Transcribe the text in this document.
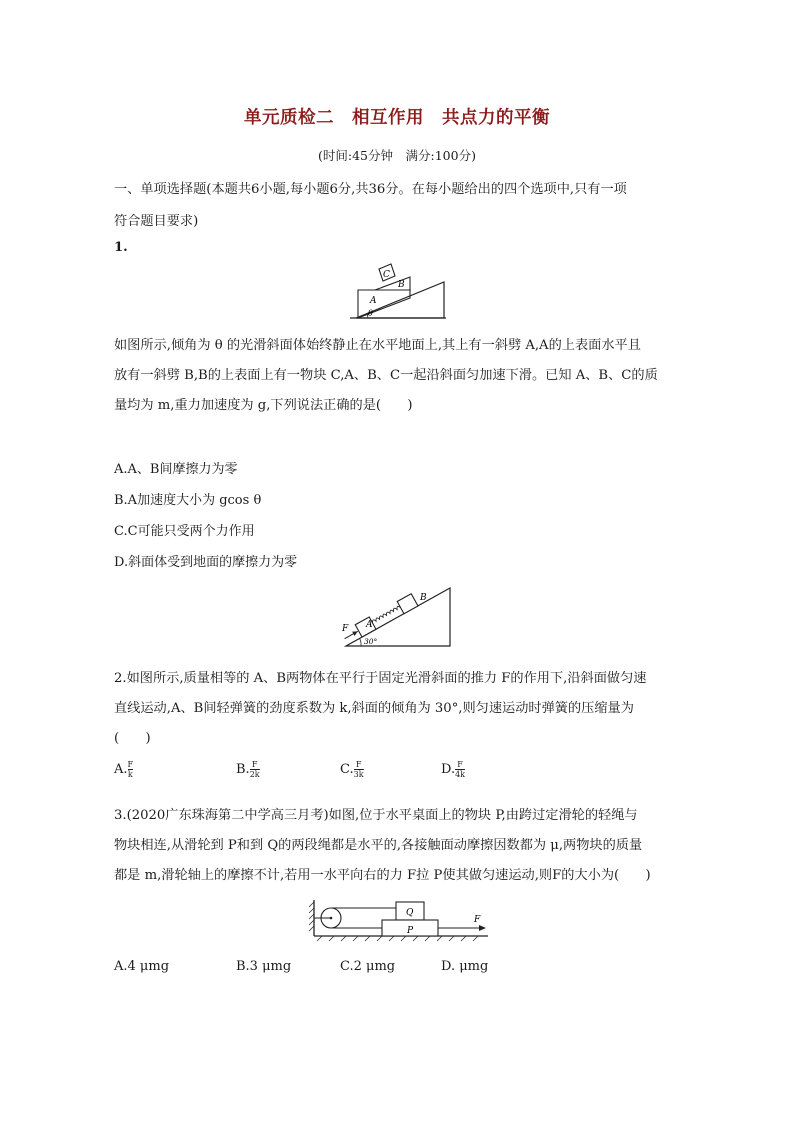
单元质检二　相互作用　共点力的平衡
(时间:45分钟　满分:100分)
一、单项选择题(本题共6小题,每小题6分,共36分。在每小题给出的四个选项中,只有一项
符合题目要求)
1.
C
B
A
θ
如图所示,倾角为 θ 的光滑斜面体始终静止在水平地面上,其上有一斜劈 A,A的上表面水平且
放有一斜劈 B,B的上表面上有一物块 C,A、B、C一起沿斜面匀加速下滑。已知 A、B、C的质
量均为 m,重力加速度为 g,下列说法正确的是(　　)
A.A、B间摩擦力为零
B.A加速度大小为 gcos θ
C.C可能只受两个力作用
D.斜面体受到地面的摩擦力为零
F A
B
30°
2.如图所示,质量相等的 A、B两物体在平行于固定光滑斜面的推力 F的作用下,沿斜面做匀速
直线运动,A、B间轻弹簧的劲度系数为 k,斜面的倾角为 30°,则匀速运动时弹簧的压缩量为
(　　)
A. $\frac{F}{k}$	B. $\frac{F}{2k}$	C. $\frac{F}{3k}$	D. $\frac{F}{4k}$
3.(2020广东珠海第二中学高三月考)如图,位于水平桌面上的物块 P,由跨过定滑轮的轻绳与
物块相连,从滑轮到 P和到 Q的两段绳都是水平的,各接触面动摩擦因数都为 μ,两物块的质量
都是 m,滑轮轴上的摩擦不计,若用一水平向右的力 F拉 P使其做匀速运动,则F的大小为(　　)
Q
P
F
A.4 μmg	B.3 μmg	C.2 μmg	D. μmg
